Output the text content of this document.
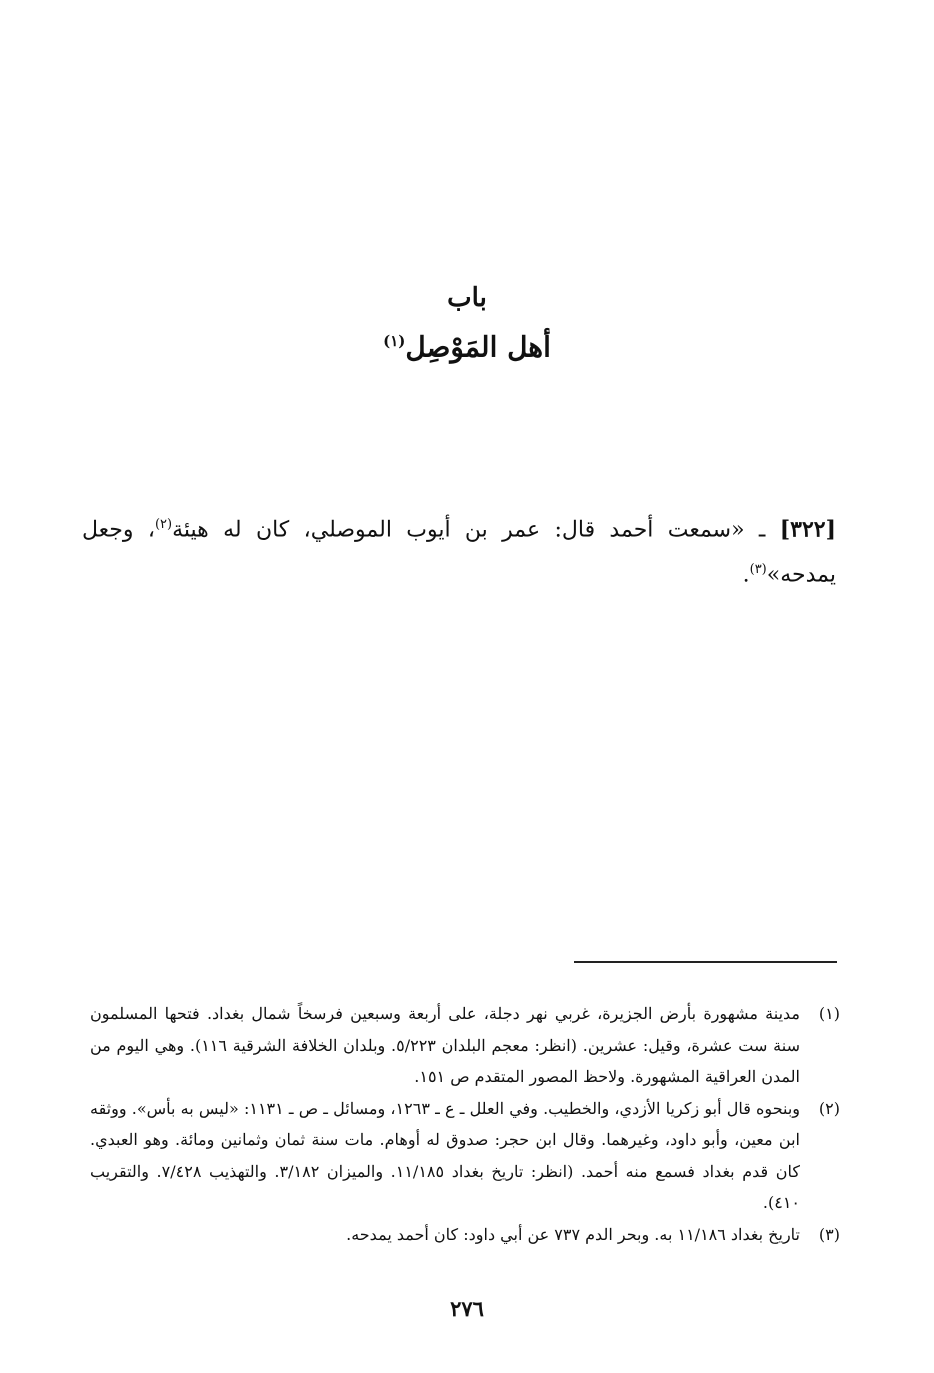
باب
أهل المَوْصِل$^{(١)}$
[٣٢٢] ـ «سمعت أحمد قال: عمر بن أيوب الموصلي، كان له هيئة$^{(٢)}$، وجعل يمدحه»$^{(٣)}$.
(١)
مدينة مشهورة بأرض الجزيرة، غربي نهر دجلة، على أربعة وسبعين فرسخاً شمال بغداد. فتحها المسلمون سنة ست عشرة، وقيل: عشرين. (انظر: معجم البلدان ٥/٢٢٣. وبلدان الخلافة الشرقية ١١٦). وهي اليوم من المدن العراقية المشهورة. ولاحظ المصور المتقدم ص ١٥١.
(٢)
وبنحوه قال أبو زكريا الأزدي، والخطيب. وفي العلل ـ ع ـ ١٢٦٣، ومسائل ـ ص ـ ١١٣١: «ليس به بأس». ووثقه ابن معين، وأبو داود، وغيرهما. وقال ابن حجر: صدوق له أوهام. مات سنة ثمان وثمانين ومائة. وهو العبدي. كان قدم بغداد فسمع منه أحمد. (انظر: تاريخ بغداد ١١/١٨٥. والميزان ٣/١٨٢. والتهذيب ٧/٤٢٨. والتقريب ٤١٠).
(٣)
تاريخ بغداد ١١/١٨٦ به. وبحر الدم ٧٣٧ عن أبي داود: كان أحمد يمدحه.
٢٧٦
